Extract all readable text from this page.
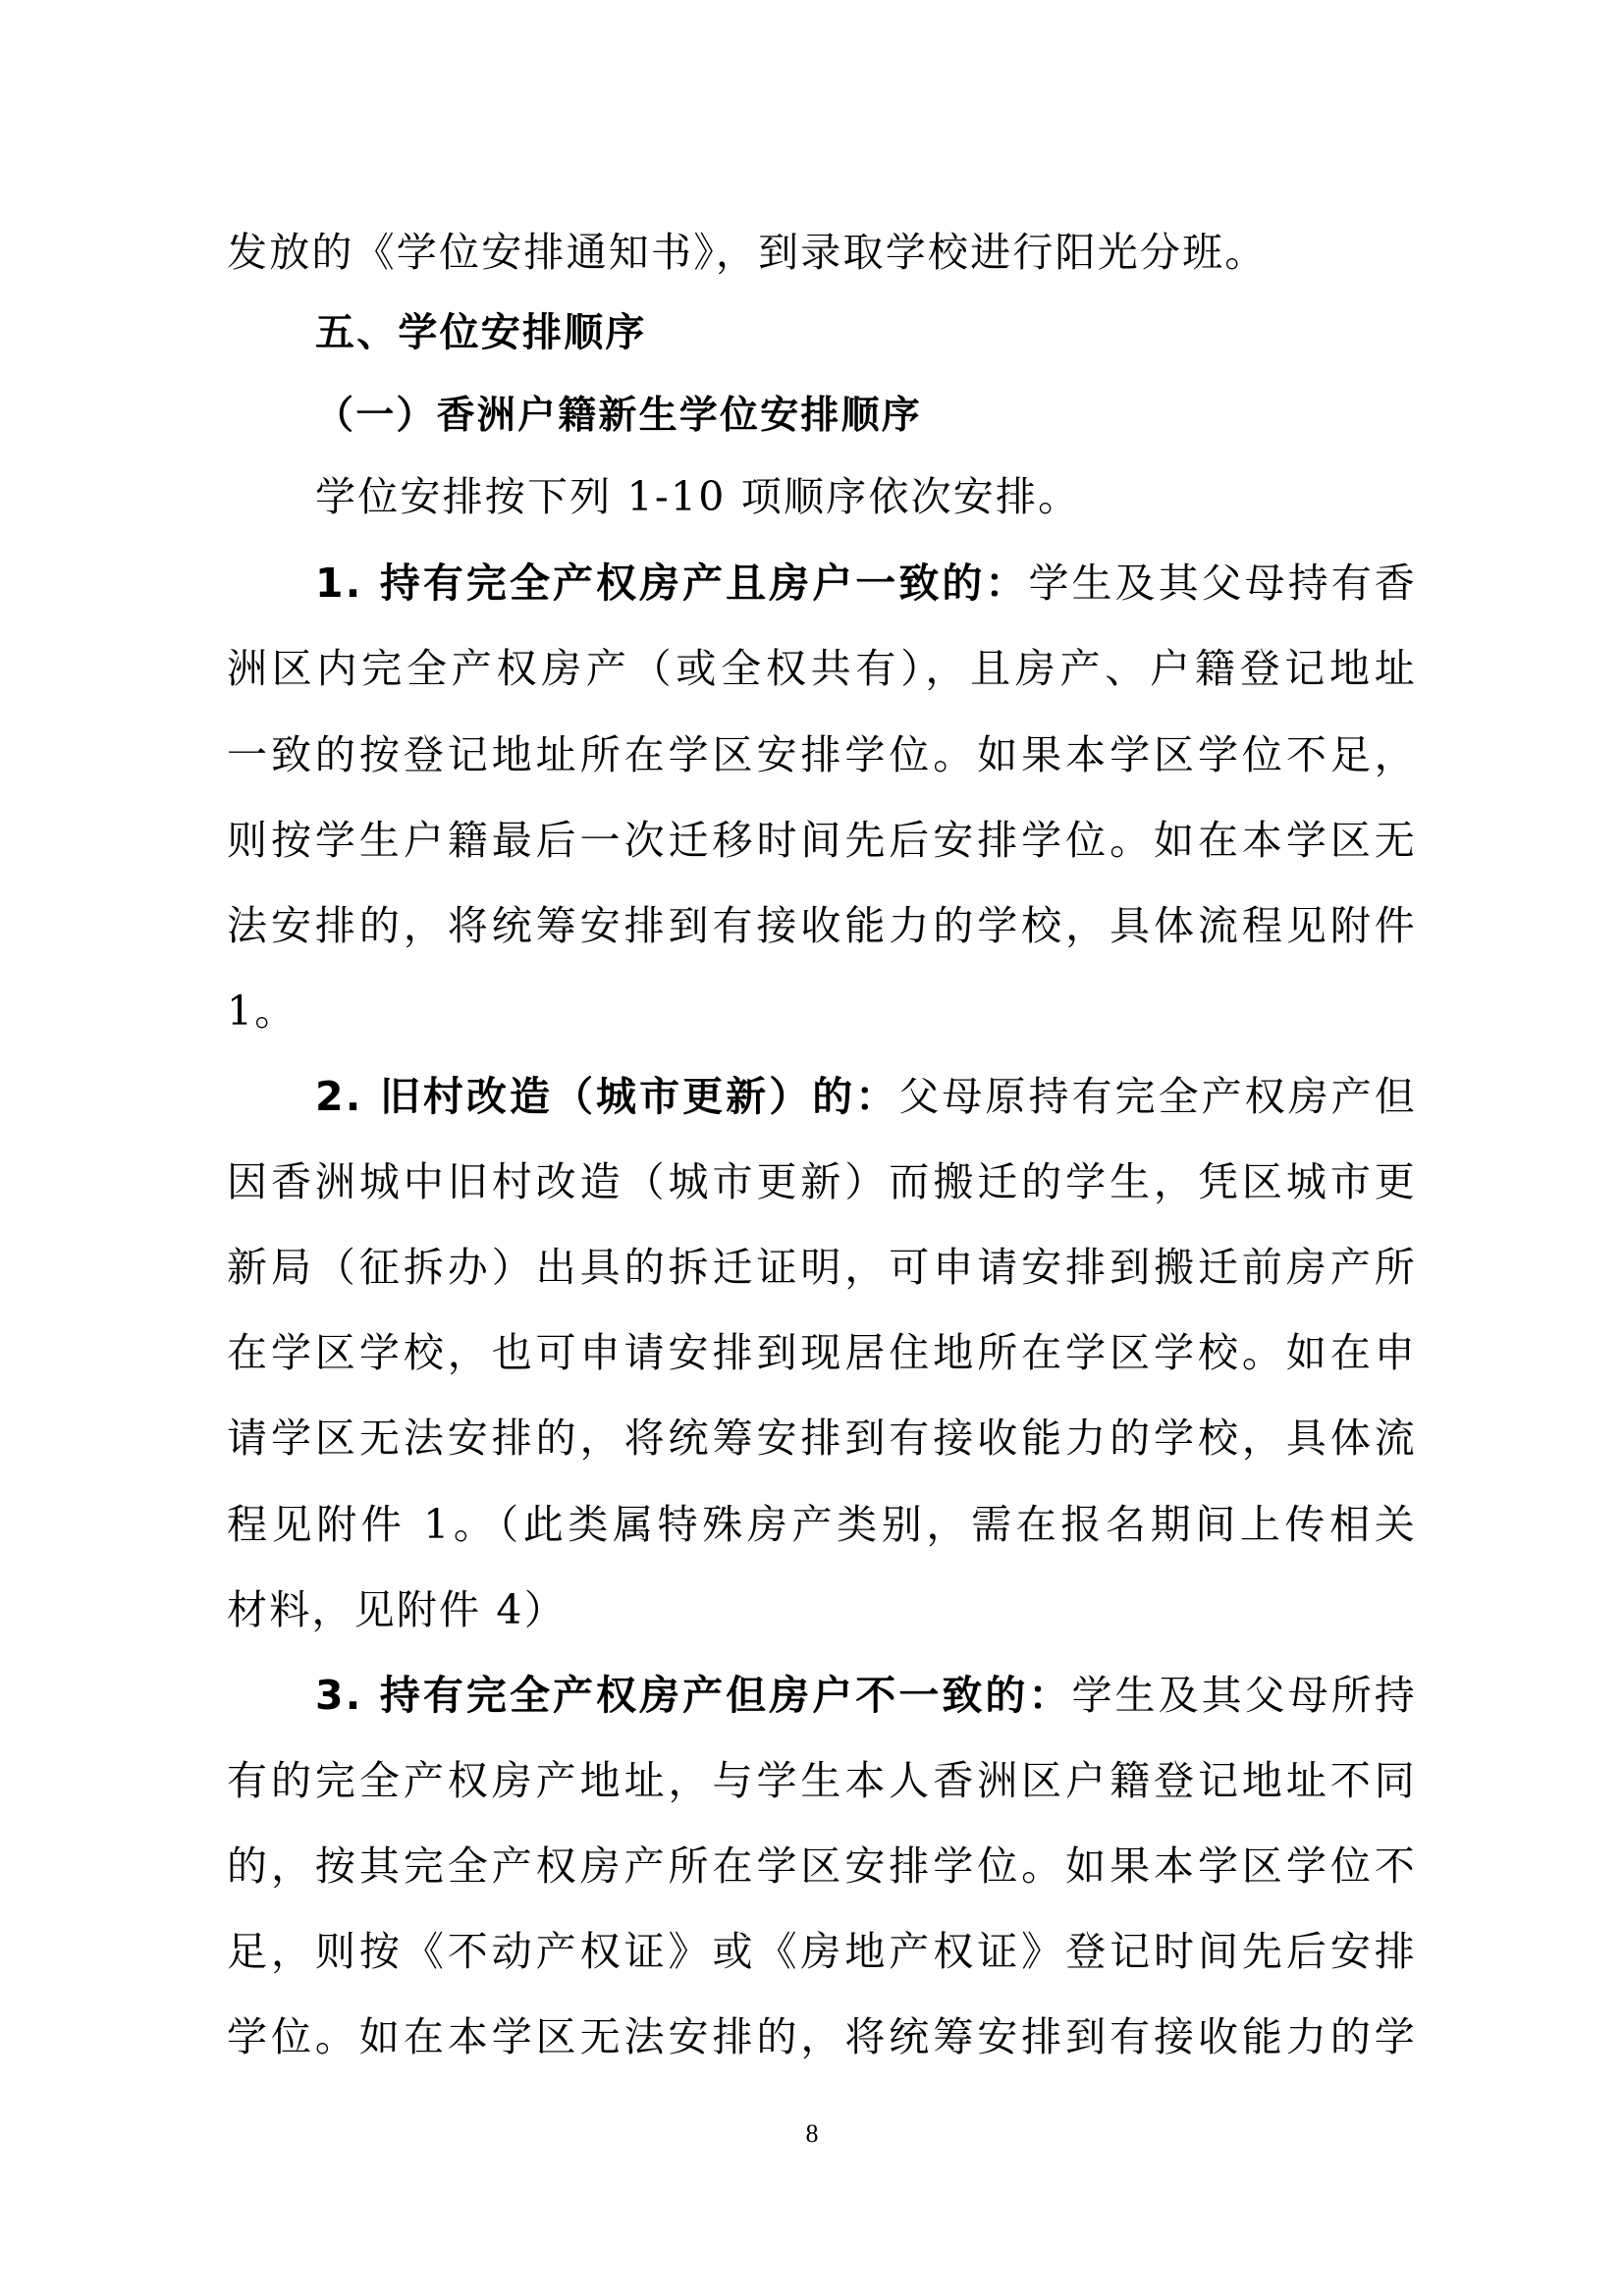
发放的《学位安排通知书》，到录取学校进行阳光分班。
五、学位安排顺序
（一）香洲户籍新生学位安排顺序
学位安排按下列 1-10 项顺序依次安排。
1. 持有完全产权房产且房户一致的：学生及其父母持有香
洲区内完全产权房产（或全权共有），且房产、户籍登记地址
一致的按登记地址所在学区安排学位。如果本学区学位不足，
则按学生户籍最后一次迁移时间先后安排学位。如在本学区无
法安排的，将统筹安排到有接收能力的学校，具体流程见附件
1。
2. 旧村改造（城市更新）的：父母原持有完全产权房产但
因香洲城中旧村改造（城市更新）而搬迁的学生，凭区城市更
新局（征拆办）出具的拆迁证明，可申请安排到搬迁前房产所
在学区学校，也可申请安排到现居住地所在学区学校。如在申
请学区无法安排的，将统筹安排到有接收能力的学校，具体流
程见附件 1。（此类属特殊房产类别，需在报名期间上传相关
材料，见附件 4）
3. 持有完全产权房产但房户不一致的：学生及其父母所持
有的完全产权房产地址，与学生本人香洲区户籍登记地址不同
的，按其完全产权房产所在学区安排学位。如果本学区学位不
足，则按《不动产权证》或《房地产权证》登记时间先后安排
学位。如在本学区无法安排的，将统筹安排到有接收能力的学
8
